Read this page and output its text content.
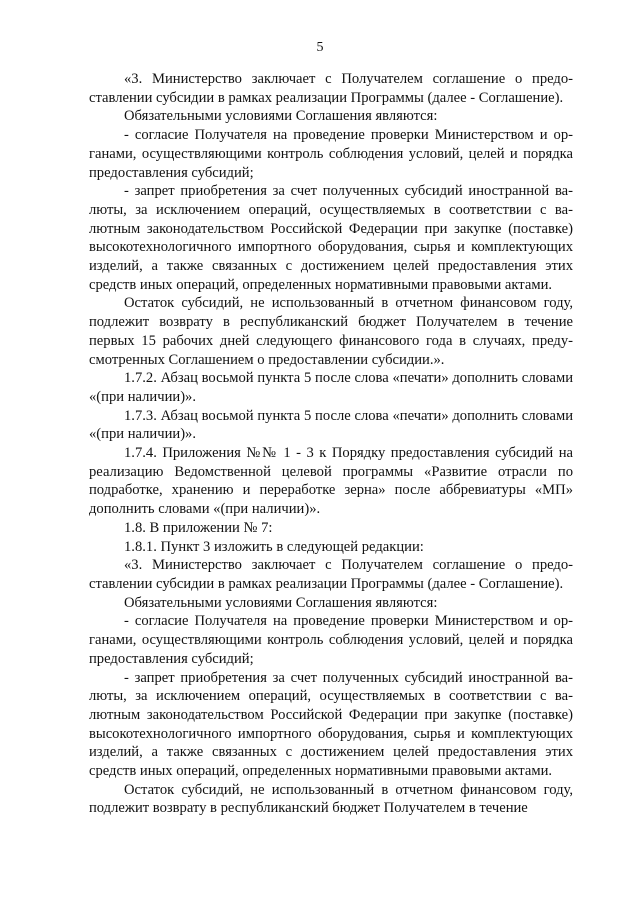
5

«3. Министерство заключает с Получателем соглашение о предоставлении субсидии в рамках реализации Программы (далее - Соглашение).

Обязательными условиями Соглашения являются:

- согласие Получателя на проведение проверки Министерством и органами, осуществляющими контроль соблюдения условий, целей и порядка предоставления субсидий;

- запрет приобретения за счет полученных субсидий иностранной валюты, за исключением операций, осуществляемых в соответствии с валютным законодательством Российской Федерации при закупке (поставке) высокотехнологичного импортного оборудования, сырья и комплектующих изделий, а также связанных с достижением целей предоставления этих средств иных операций, определенных нормативными правовыми актами.

Остаток субсидий, не использованный в отчетном финансовом году, подлежит возврату в республиканский бюджет Получателем в течение первых 15 рабочих дней следующего финансового года в случаях, предусмотренных Соглашением о предоставлении субсидии.».

1.7.2. Абзац восьмой пункта 5 после слова «печати» дополнить словами «(при наличии)».

1.7.3. Абзац восьмой пункта 5 после слова «печати» дополнить словами «(при наличии)».

1.7.4. Приложения №№ 1 - 3 к Порядку предоставления субсидий на реализацию Ведомственной целевой программы «Развитие отрасли по подработке, хранению и переработке зерна» после аббревиатуры «МП» дополнить словами «(при наличии)».

1.8. В приложении № 7:

1.8.1. Пункт 3 изложить в следующей редакции:

«3. Министерство заключает с Получателем соглашение о предоставлении субсидии в рамках реализации Программы (далее - Соглашение).

Обязательными условиями Соглашения являются:

- согласие Получателя на проведение проверки Министерством и органами, осуществляющими контроль соблюдения условий, целей и порядка предоставления субсидий;

- запрет приобретения за счет полученных субсидий иностранной валюты, за исключением операций, осуществляемых в соответствии с валютным законодательством Российской Федерации при закупке (поставке) высокотехнологичного импортного оборудования, сырья и комплектующих изделий, а также связанных с достижением целей предоставления этих средств иных операций, определенных нормативными правовыми актами.

Остаток субсидий, не использованный в отчетном финансовом году, подлежит возврату в республиканский бюджет Получателем в течение
